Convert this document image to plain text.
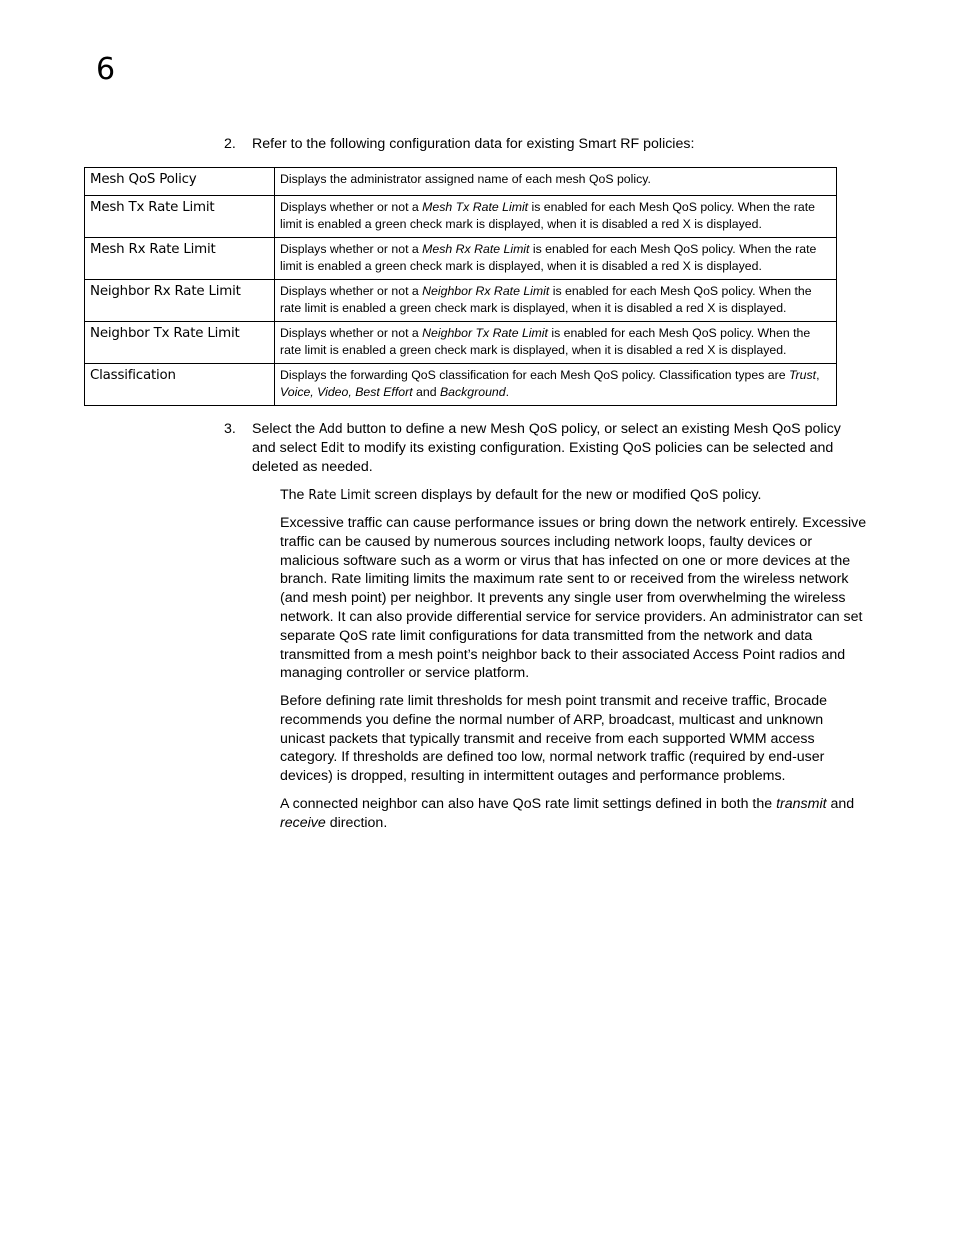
6
2. Refer to the following configuration data for existing Smart RF policies:
Mesh QoS Policy	Displays the administrator assigned name of each mesh QoS policy.
Mesh Tx Rate Limit	Displays whether or not a Mesh Tx Rate Limit is enabled for each Mesh QoS policy. When the rate limit is enabled a green check mark is displayed, when it is disabled a red X is displayed.
Mesh Rx Rate Limit	Displays whether or not a Mesh Rx Rate Limit is enabled for each Mesh QoS policy. When the rate limit is enabled a green check mark is displayed, when it is disabled a red X is displayed.
Neighbor Rx Rate Limit	Displays whether or not a Neighbor Rx Rate Limit is enabled for each Mesh QoS policy. When the rate limit is enabled a green check mark is displayed, when it is disabled a red X is displayed.
Neighbor Tx Rate Limit	Displays whether or not a Neighbor Tx Rate Limit is enabled for each Mesh QoS policy. When the rate limit is enabled a green check mark is displayed, when it is disabled a red X is displayed.
Classification	Displays the forwarding QoS classification for each Mesh QoS policy. Classification types are Trust, Voice, Video, Best Effort and Background.
3. Select the Add button to define a new Mesh QoS policy, or select an existing Mesh QoS policy and select Edit to modify its existing configuration. Existing QoS policies can be selected and deleted as needed.

The Rate Limit screen displays by default for the new or modified QoS policy.

Excessive traffic can cause performance issues or bring down the network entirely. Excessive traffic can be caused by numerous sources including network loops, faulty devices or malicious software such as a worm or virus that has infected on one or more devices at the branch. Rate limiting limits the maximum rate sent to or received from the wireless network (and mesh point) per neighbor. It prevents any single user from overwhelming the wireless network. It can also provide differential service for service providers. An administrator can set separate QoS rate limit configurations for data transmitted from the network and data transmitted from a mesh point’s neighbor back to their associated Access Point radios and managing controller or service platform.

Before defining rate limit thresholds for mesh point transmit and receive traffic, Brocade recommends you define the normal number of ARP, broadcast, multicast and unknown unicast packets that typically transmit and receive from each supported WMM access category. If thresholds are defined too low, normal network traffic (required by end-user devices) is dropped, resulting in intermittent outages and performance problems.

A connected neighbor can also have QoS rate limit settings defined in both the transmit and receive direction.
